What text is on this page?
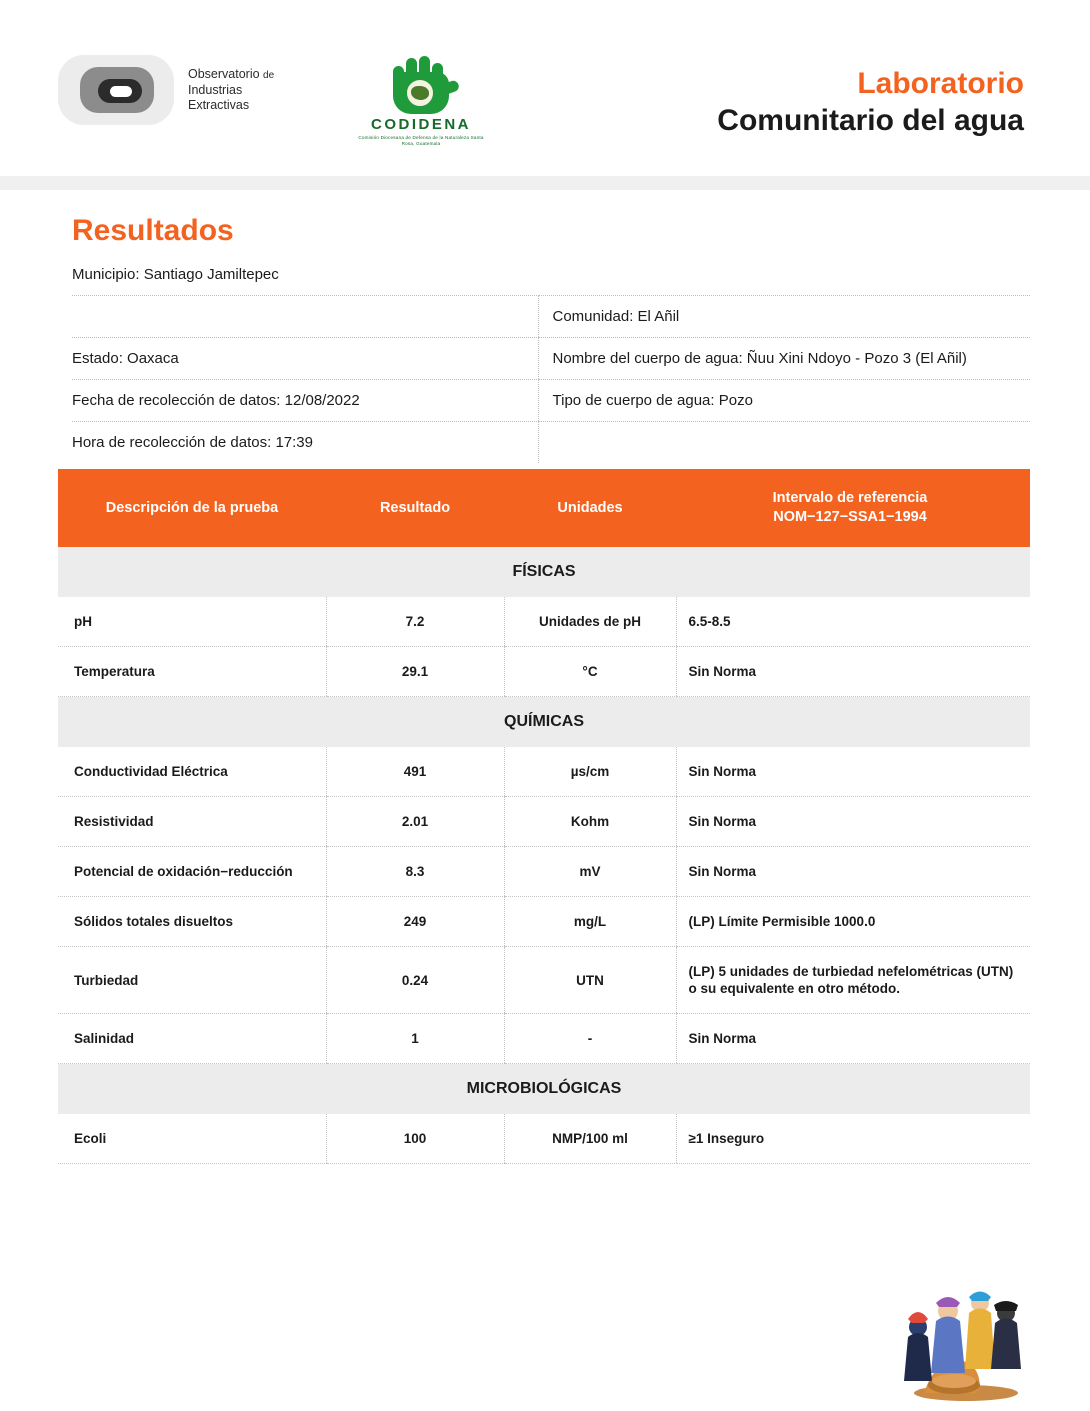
Observatorio de
Industrias
Extractivas
CODIDENA
Comisión Diocesana de Defensa de la Naturaleza Santa Rosa, Guatemala
Laboratorio
Comunitario del agua
Resultados
Municipio: Santiago Jamiltepec	
	Comunidad: El Añil
Estado: Oaxaca	Nombre del cuerpo de agua: Ñuu Xini Ndoyo - Pozo 3 (El Añil)
Fecha de recolección de datos: 12/08/2022	Tipo de cuerpo de agua: Pozo
Hora de recolección de datos: 17:39	
Descripción de la prueba	Resultado	Unidades	Intervalo de referencia
NOM−127−SSA1−1994

FÍSICAS			
pH	7.2	Unidades de pH	6.5-8.5
Temperatura	29.1	°C	Sin Norma
QUÍMICAS			
Conductividad Eléctrica	491	µs/cm	Sin Norma
Resistividad	2.01	Kohm	Sin Norma
Potencial de oxidación−reducción	8.3	mV	Sin Norma
Sólidos totales disueltos	249	mg/L	(LP) Límite Permisible 1000.0
Turbiedad	0.24	UTN	(LP) 5 unidades de turbiedad nefelométricas (UTN) o su equivalente en otro método.
Salinidad	1	-	Sin Norma
MICROBIOLÓGICAS			
Ecoli	100	NMP/100 ml	≥1 Inseguro
